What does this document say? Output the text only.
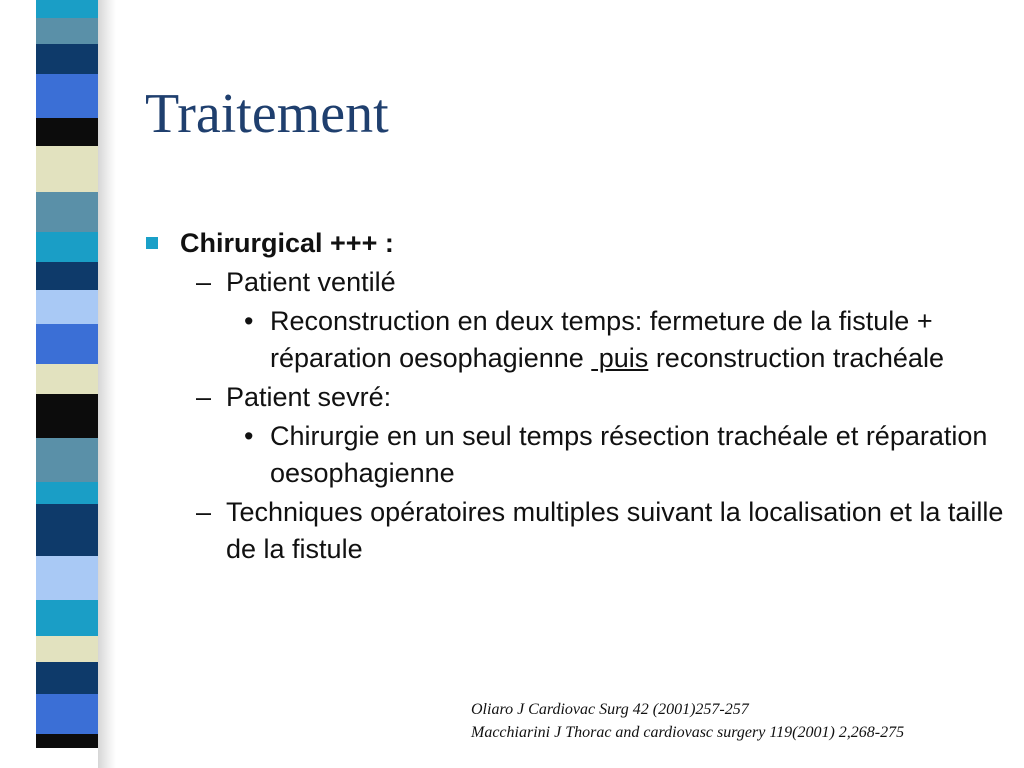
Traitement
Chirurgical +++ :
– Patient ventilé
• Reconstruction en deux temps: fermeture de la fistule + réparation oesophagienne  puis reconstruction trachéale
– Patient sevré:
• Chirurgie en un seul temps résection trachéale et réparation oesophagienne
– Techniques opératoires multiples suivant la localisation et la taille de la fistule
Oliaro J Cardiovac Surg 42 (2001)257-257
Macchiarini J Thorac and cardiovasc surgery 119(2001) 2,268-275
